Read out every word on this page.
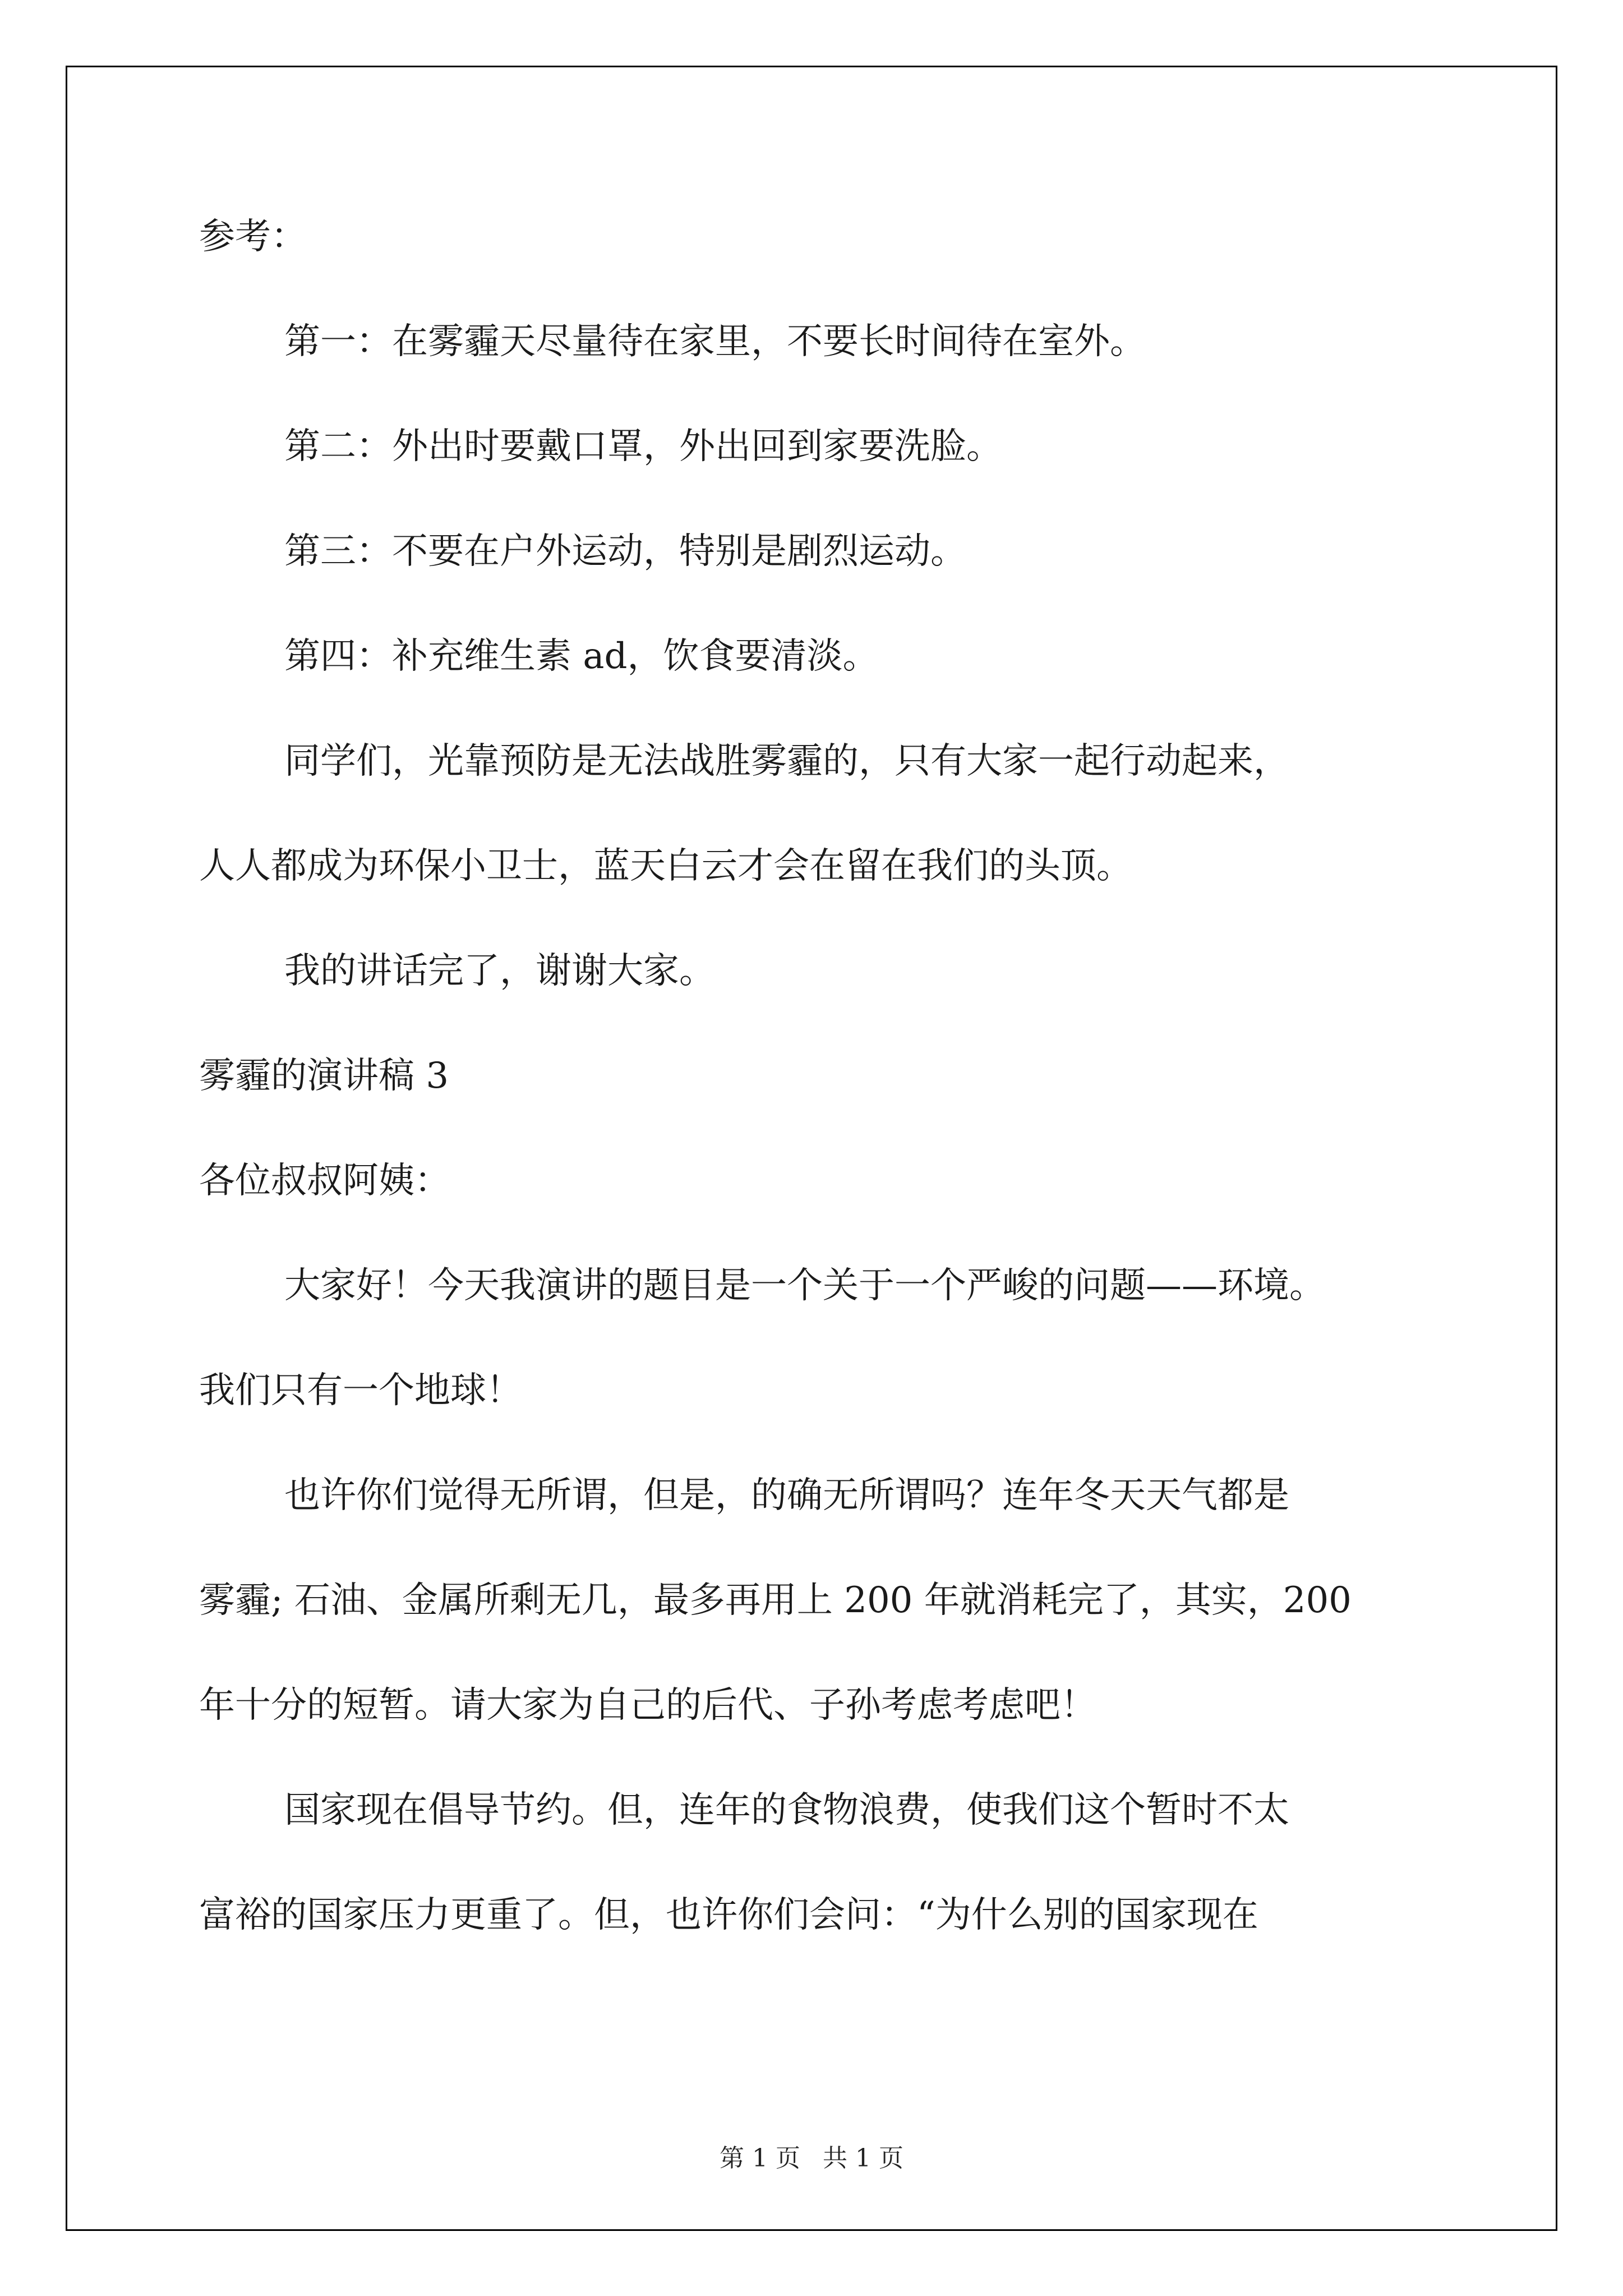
参考：
第一：在雾霾天尽量待在家里，不要长时间待在室外。
第二：外出时要戴口罩，外出回到家要洗脸。
第三：不要在户外运动，特别是剧烈运动。
第四：补充维生素 ad，饮食要清淡。
同学们，光靠预防是无法战胜雾霾的，只有大家一起行动起来，
人人都成为环保小卫士，蓝天白云才会在留在我们的头顶。
我的讲话完了，谢谢大家。
雾霾的演讲稿 3
各位叔叔阿姨：
大家好！今天我演讲的题目是一个关于一个严峻的问题——环境。
我们只有一个地球！
也许你们觉得无所谓，但是，的确无所谓吗？连年冬天天气都是
雾霾; 石油、金属所剩无几，最多再用上 200 年就消耗完了，其实，200
年十分的短暂。请大家为自己的后代、子孙考虑考虑吧！
国家现在倡导节约。但，连年的食物浪费，使我们这个暂时不太
富裕的国家压力更重了。但，也许你们会问：“为什么别的国家现在
第 1 页 共 1 页
